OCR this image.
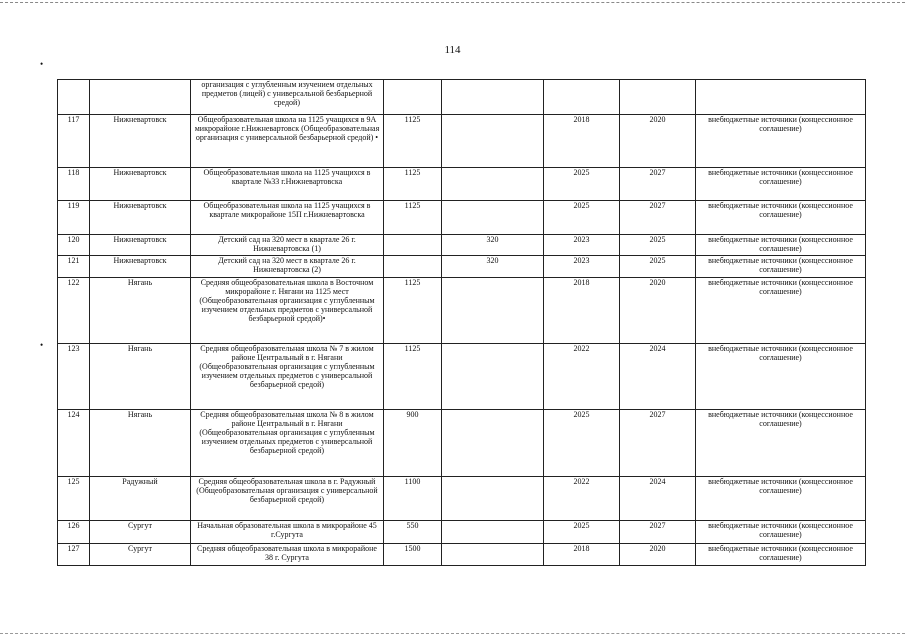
114
•
•
		организация с углубленным изучением отдельных предметов (лицей) с универсальной безбарьерной средой)					
117	Нижневартовск	Общеобразовательная школа на 1125 учащихся в 9А микрорайоне г.Нижневартовск (Общеобразовательная организация с универсальной безбарьерной средой) •	1125		2018	2020	внебюджетные источники (концессионное соглашение)
118	Нижневартовск	Общеобразовательная школа на 1125 учащихся в квартале №33 г.Нижневартовска	1125		2025	2027	внебюджетные источники (концессионное соглашение)
119	Нижневартовск	Общеобразовательная школа на 1125 учащихся в квартале микрорайоне 15П г.Нижневартовска	1125		2025	2027	внебюджетные источники (концессионное соглашение)
120	Нижневартовск	Детский сад на 320 мест в квартале 26 г. Нижневартовска (1)		320	2023	2025	внебюджетные источники (концессионное соглашение)
121	Нижневартовск	Детский сад на 320 мест в квартале 26 г. Нижневартовска (2)		320	2023	2025	внебюджетные источники (концессионное соглашение)
122	Нягань	Средняя общеобразовательная школа в Восточном микрорайоне г. Нягани на 1125 мест (Общеобразовательная организация с углубленным изучением отдельных предметов с универсальной безбарьерной средой)•	1125		2018	2020	внебюджетные источники (концессионное соглашение)
123	Нягань	Средняя общеобразовательная школа № 7 в жилом районе Центральный в г. Нягани (Общеобразовательная организация с углубленным изучением отдельных предметов с универсальной безбарьерной средой)	1125		2022	2024	внебюджетные источники (концессионное соглашение)
124	Нягань	Средняя общеобразовательная школа № 8 в жилом районе Центральный в г. Нягани (Общеобразовательная организация с углубленным изучением отдельных предметов с универсальной безбарьерной средой)	900		2025	2027	внебюджетные источники (концессионное соглашение)
125	Радужный	Средняя общеобразовательная школа в г. Радужный (Общеобразовательная организация с универсальной безбарьерной средой)	1100		2022	2024	внебюджетные источники (концессионное соглашение)
126	Сургут	Начальная образовательная школа в микрорайоне 45 г.Сургута	550		2025	2027	внебюджетные источники (концессионное соглашение)
127	Сургут	Средняя общеобразовательная школа в микрорайоне 38 г. Сургута	1500		2018	2020	внебюджетные источники (концессионное соглашение)
